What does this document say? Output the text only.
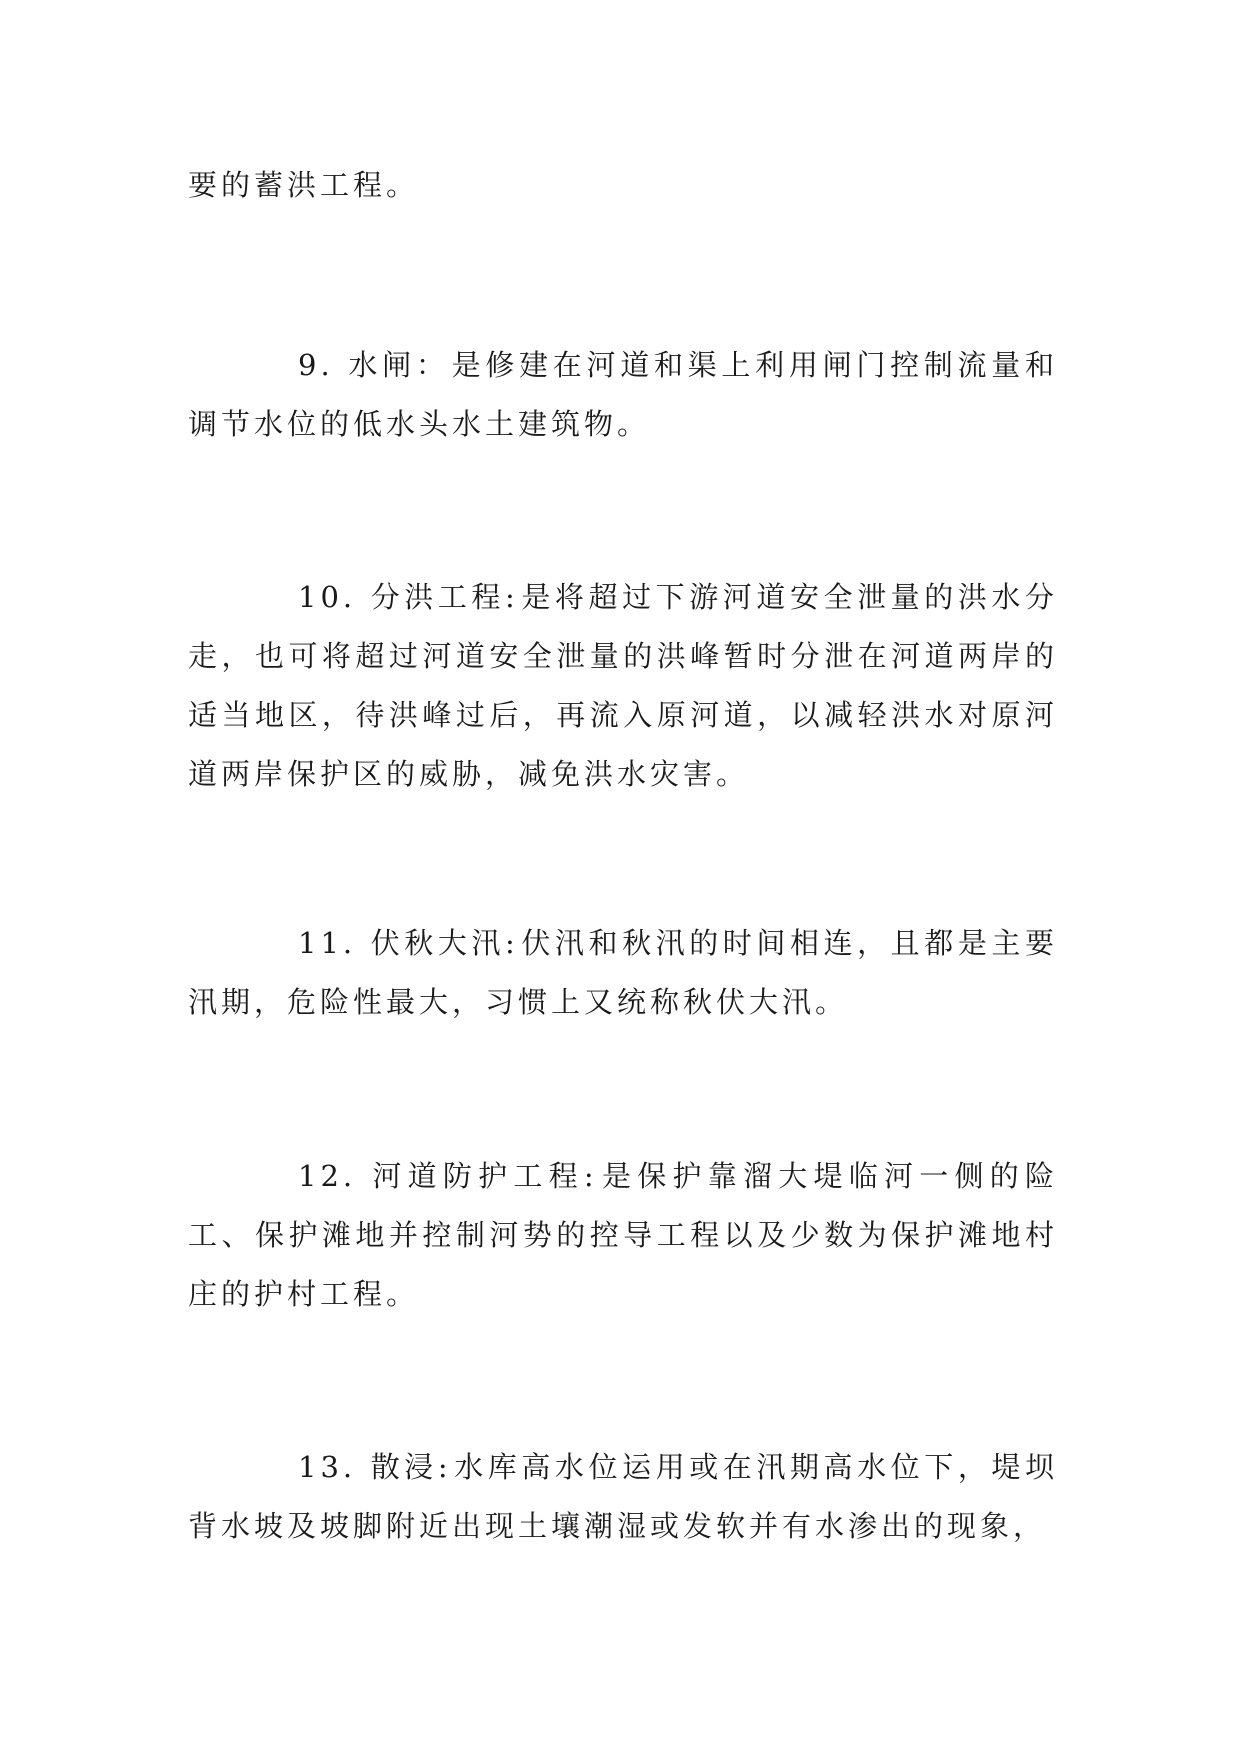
要的蓄洪工程。

9. 水闸：是修建在河道和渠上利用闸门控制流量和调节水位的低水头水土建筑物。

10. 分洪工程:是将超过下游河道安全泄量的洪水分走，也可将超过河道安全泄量的洪峰暂时分泄在河道两岸的适当地区，待洪峰过后，再流入原河道，以减轻洪水对原河道两岸保护区的威胁，减免洪水灾害。

11. 伏秋大汛:伏汛和秋汛的时间相连，且都是主要汛期，危险性最大，习惯上又统称秋伏大汛。

12. 河道防护工程:是保护靠溜大堤临河一侧的险工、保护滩地并控制河势的控导工程以及少数为保护滩地村庄的护村工程。

13. 散浸:水库高水位运用或在汛期高水位下，堤坝背水坡及坡脚附近出现土壤潮湿或发软并有水渗出的现象，
